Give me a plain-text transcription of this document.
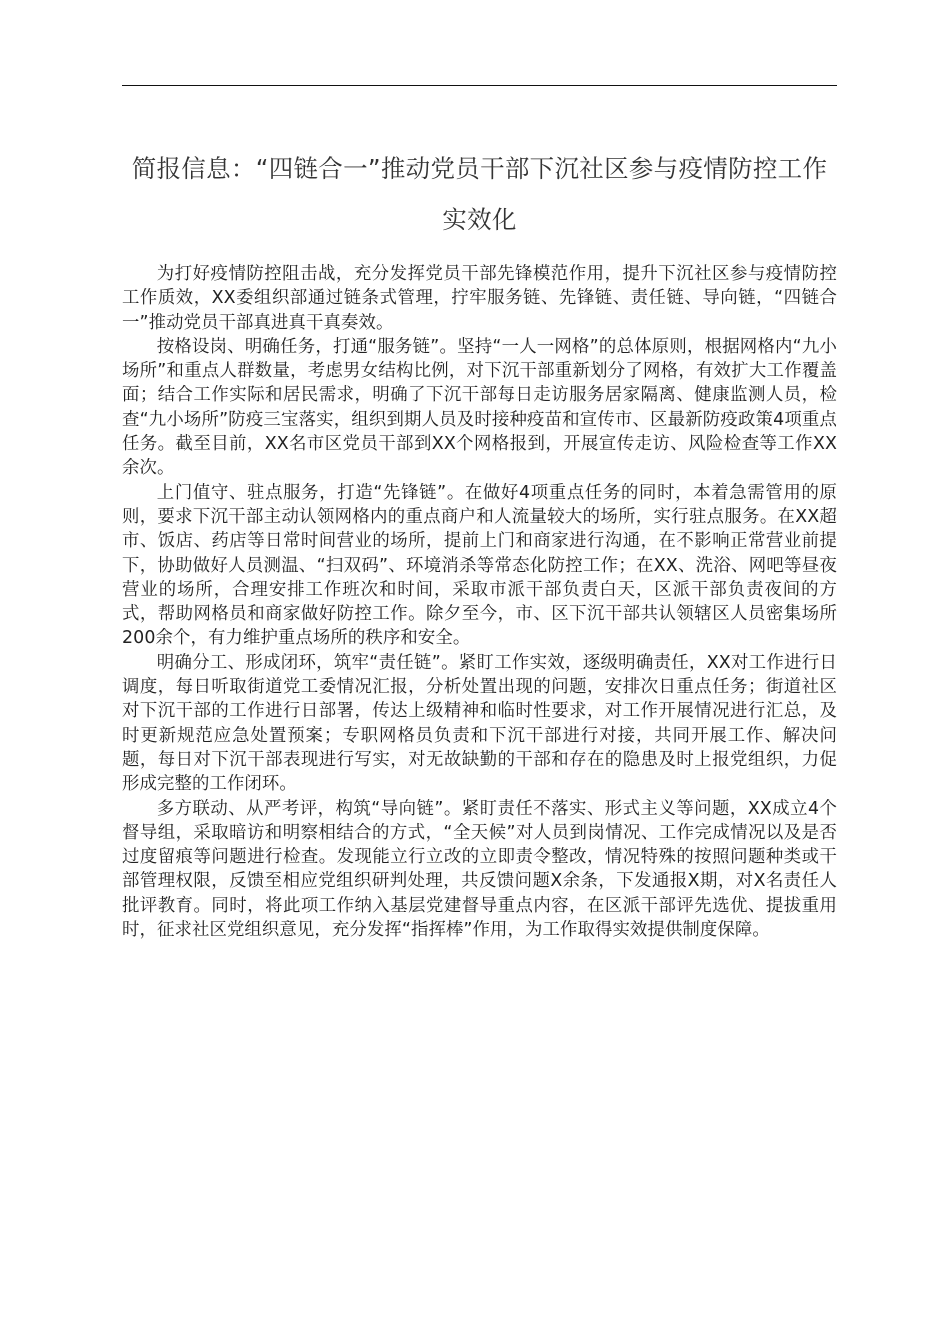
简报信息：“四链合一”推动党员干部下沉社区参与疫情防控工作实效化

为打好疫情防控阻击战，充分发挥党员干部先锋模范作用，提升下沉社区参与疫情防控工作质效，XX委组织部通过链条式管理，拧牢服务链、先锋链、责任链、导向链，“四链合一”推动党员干部真进真干真奏效。

按格设岗、明确任务，打通“服务链”。坚持“一人一网格”的总体原则，根据网格内“九小场所”和重点人群数量，考虑男女结构比例，对下沉干部重新划分了网格，有效扩大工作覆盖面；结合工作实际和居民需求，明确了下沉干部每日走访服务居家隔离、健康监测人员，检查“九小场所”防疫三宝落实，组织到期人员及时接种疫苗和宣传市、区最新防疫政策4项重点任务。截至目前，XX名市区党员干部到XX个网格报到，开展宣传走访、风险检查等工作XX余次。

上门值守、驻点服务，打造“先锋链”。在做好4项重点任务的同时，本着急需管用的原则，要求下沉干部主动认领网格内的重点商户和人流量较大的场所，实行驻点服务。在XX超市、饭店、药店等日常时间营业的场所，提前上门和商家进行沟通，在不影响正常营业前提下，协助做好人员测温、“扫双码”、环境消杀等常态化防控工作；在XX、洗浴、网吧等昼夜营业的场所，合理安排工作班次和时间，采取市派干部负责白天，区派干部负责夜间的方式，帮助网格员和商家做好防控工作。除夕至今，市、区下沉干部共认领辖区人员密集场所200余个，有力维护重点场所的秩序和安全。

明确分工、形成闭环，筑牢“责任链”。紧盯工作实效，逐级明确责任，XX对工作进行日调度，每日听取街道党工委情况汇报，分析处置出现的问题，安排次日重点任务；街道社区对下沉干部的工作进行日部署，传达上级精神和临时性要求，对工作开展情况进行汇总，及时更新规范应急处置预案；专职网格员负责和下沉干部进行对接，共同开展工作、解决问题，每日对下沉干部表现进行写实，对无故缺勤的干部和存在的隐患及时上报党组织，力促形成完整的工作闭环。

多方联动、从严考评，构筑“导向链”。紧盯责任不落实、形式主义等问题，XX成立4个督导组，采取暗访和明察相结合的方式，“全天候”对人员到岗情况、工作完成情况以及是否过度留痕等问题进行检查。发现能立行立改的立即责令整改，情况特殊的按照问题种类或干部管理权限，反馈至相应党组织研判处理，共反馈问题X余条，下发通报X期，对X名责任人批评教育。同时，将此项工作纳入基层党建督导重点内容，在区派干部评先选优、提拔重用时，征求社区党组织意见，充分发挥“指挥棒”作用，为工作取得实效提供制度保障。
